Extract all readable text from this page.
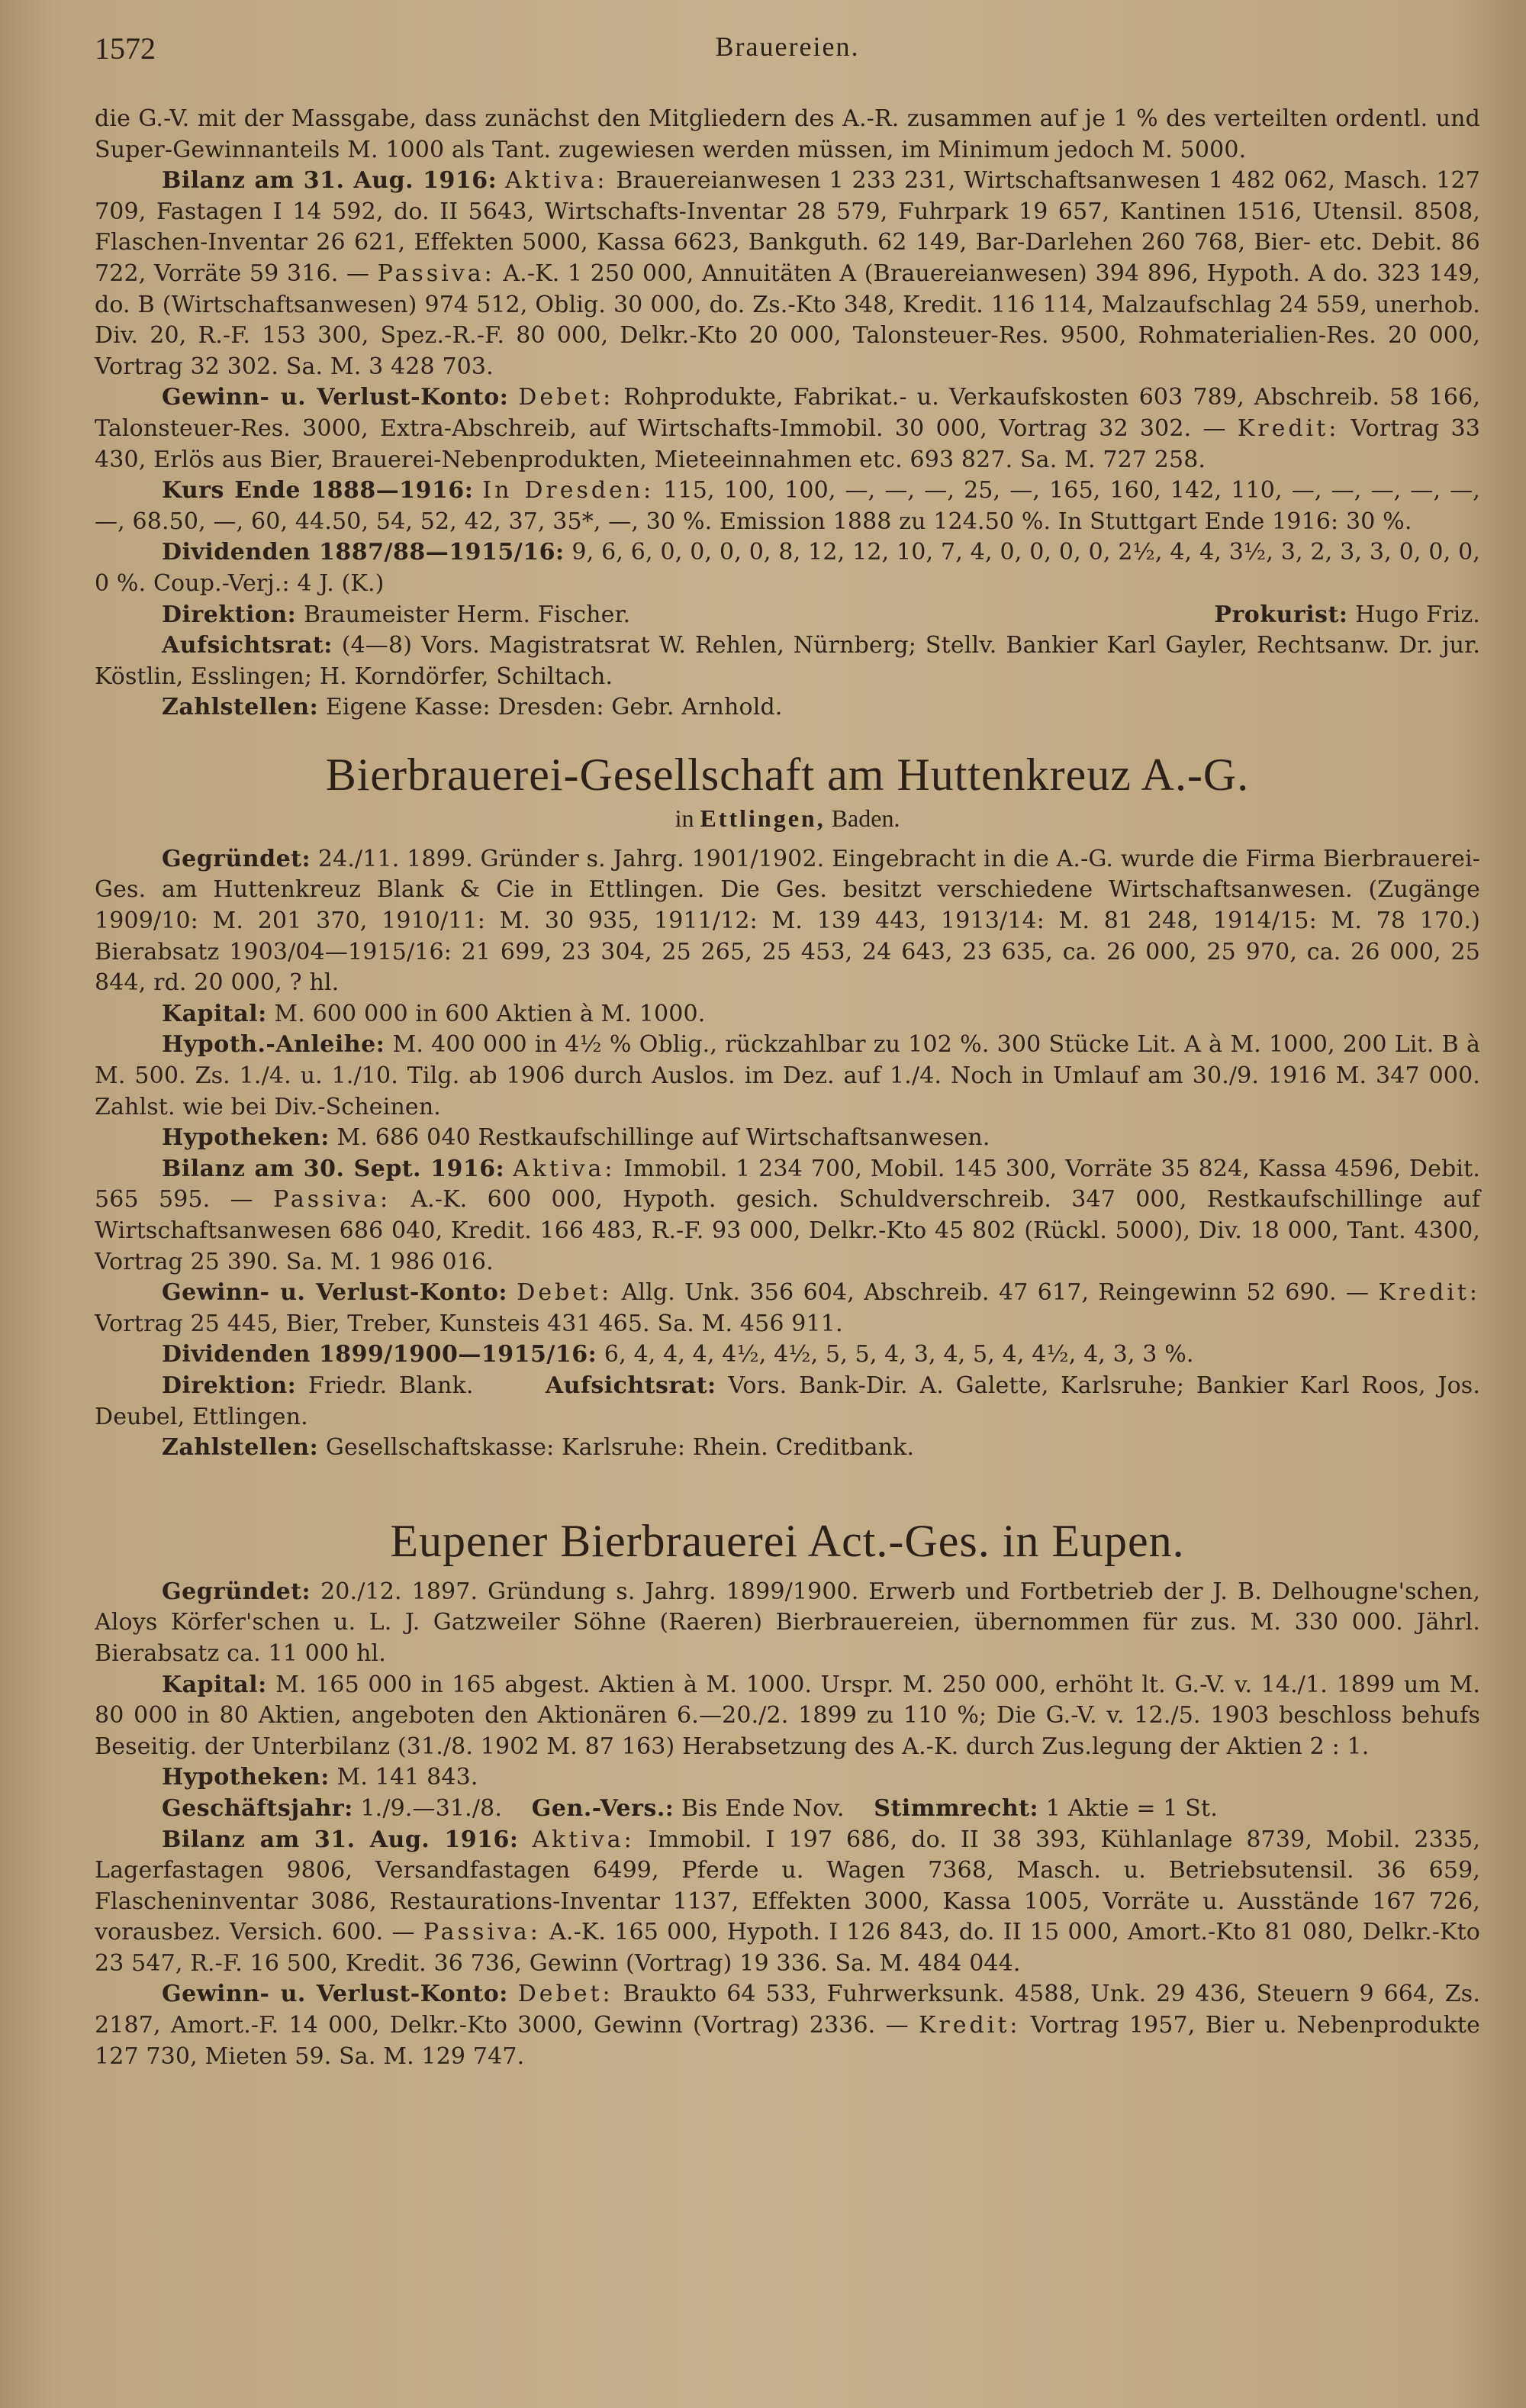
1572	Brauereien.

die G.-V. mit der Massgabe, dass zunächst den Mitgliedern des A.-R. zusammen auf je 1 % des verteilten ordentl. und Super-Gewinnanteils M. 1000 als Tant. zugewiesen werden müssen, im Minimum jedoch M. 5000.

Bilanz am 31. Aug. 1916: Aktiva: Brauereianwesen 1 233 231, Wirtschaftsanwesen 1 482 062, Masch. 127 709, Fastagen I 14 592, do. II 5643, Wirtschafts-Inventar 28 579, Fuhrpark 19 657, Kantinen 1516, Utensil. 8508, Flaschen-Inventar 26 621, Effekten 5000, Kassa 6623, Bankguth. 62 149, Bar-Darlehen 260 768, Bier- etc. Debit. 86 722, Vorräte 59 316. — Passiva: A.-K. 1 250 000, Annuitäten A (Brauereianwesen) 394 896, Hypoth. A do. 323 149, do. B (Wirtschaftsanwesen) 974 512, Oblig. 30 000, do. Zs.-Kto 348, Kredit. 116 114, Malzaufschlag 24 559, unerhob. Div. 20, R.-F. 153 300, Spez.-R.-F. 80 000, Delkr.-Kto 20 000, Talonsteuer-Res. 9500, Rohmaterialien-Res. 20 000, Vortrag 32 302. Sa. M. 3 428 703.

Gewinn- u. Verlust-Konto: Debet: Rohprodukte, Fabrikat.- u. Verkaufskosten 603 789, Abschreib. 58 166, Talonsteuer-Res. 3000, Extra-Abschreib, auf Wirtschafts-Immobil. 30 000, Vortrag 32 302. — Kredit: Vortrag 33 430, Erlös aus Bier, Brauerei-Nebenprodukten, Mieteeinnahmen etc. 693 827. Sa. M. 727 258.

Kurs Ende 1888—1916: In Dresden: 115, 100, 100, —, —, —, 25, —, 165, 160, 142, 110, —, —, —, —, —, —, 68.50, —, 60, 44.50, 54, 52, 42, 37, 35*, —, 30 %. Emission 1888 zu 124.50 %. In Stuttgart Ende 1916: 30 %.

Dividenden 1887/88—1915/16: 9, 6, 6, 0, 0, 0, 0, 8, 12, 12, 10, 7, 4, 0, 0, 0, 0, 2½, 4, 4, 3½, 3, 2, 3, 3, 0, 0, 0, 0 %. Coup.-Verj.: 4 J. (K.)

Direktion: Braumeister Herm. Fischer.	Prokurist: Hugo Friz.

Aufsichtsrat: (4—8) Vors. Magistratsrat W. Rehlen, Nürnberg; Stellv. Bankier Karl Gayler, Rechtsanw. Dr. jur. Köstlin, Esslingen; H. Korndörfer, Schiltach.

Zahlstellen: Eigene Kasse: Dresden: Gebr. Arnhold.

Bierbrauerei-Gesellschaft am Huttenkreuz A.-G.

in Ettlingen, Baden.

Gegründet: 24./11. 1899. Gründer s. Jahrg. 1901/1902. Eingebracht in die A.-G. wurde die Firma Bierbrauerei-Ges. am Huttenkreuz Blank & Cie in Ettlingen. Die Ges. besitzt verschiedene Wirtschaftsanwesen. (Zugänge 1909/10: M. 201 370, 1910/11: M. 30 935, 1911/12: M. 139 443, 1913/14: M. 81 248, 1914/15: M. 78 170.) Bierabsatz 1903/04—1915/16: 21 699, 23 304, 25 265, 25 453, 24 643, 23 635, ca. 26 000, 25 970, ca. 26 000, 25 844, rd. 20 000, ? hl.

Kapital: M. 600 000 in 600 Aktien à M. 1000.

Hypoth.-Anleihe: M. 400 000 in 4½ % Oblig., rückzahlbar zu 102 %. 300 Stücke Lit. A à M. 1000, 200 Lit. B à M. 500. Zs. 1./4. u. 1./10. Tilg. ab 1906 durch Auslos. im Dez. auf 1./4. Noch in Umlauf am 30./9. 1916 M. 347 000. Zahlst. wie bei Div.-Scheinen.

Hypotheken: M. 686 040 Restkaufschillinge auf Wirtschaftsanwesen.

Bilanz am 30. Sept. 1916: Aktiva: Immobil. 1 234 700, Mobil. 145 300, Vorräte 35 824, Kassa 4596, Debit. 565 595. — Passiva: A.-K. 600 000, Hypoth. gesich. Schuldverschreib. 347 000, Restkaufschillinge auf Wirtschaftsanwesen 686 040, Kredit. 166 483, R.-F. 93 000, Delkr.-Kto 45 802 (Rückl. 5000), Div. 18 000, Tant. 4300, Vortrag 25 390. Sa. M. 1 986 016.

Gewinn- u. Verlust-Konto: Debet: Allg. Unk. 356 604, Abschreib. 47 617, Reingewinn 52 690. — Kredit: Vortrag 25 445, Bier, Treber, Kunsteis 431 465. Sa. M. 456 911.

Dividenden 1899/1900—1915/16: 6, 4, 4, 4, 4½, 4½, 5, 5, 4, 3, 4, 5, 4, 4½, 4, 3, 3 %.

Direktion: Friedr. Blank.	Aufsichtsrat: Vors. Bank-Dir. A. Galette, Karlsruhe; Bankier Karl Roos, Jos. Deubel, Ettlingen.

Zahlstellen: Gesellschaftskasse: Karlsruhe: Rhein. Creditbank.

Eupener Bierbrauerei Act.-Ges. in Eupen.

Gegründet: 20./12. 1897. Gründung s. Jahrg. 1899/1900. Erwerb und Fortbetrieb der J. B. Delhougne'schen, Aloys Körfer'schen u. L. J. Gatzweiler Söhne (Raeren) Bierbrauereien, übernommen für zus. M. 330 000. Jährl. Bierabsatz ca. 11 000 hl.

Kapital: M. 165 000 in 165 abgest. Aktien à M. 1000. Urspr. M. 250 000, erhöht lt. G.-V. v. 14./1. 1899 um M. 80 000 in 80 Aktien, angeboten den Aktionären 6.—20./2. 1899 zu 110 %; Die G.-V. v. 12./5. 1903 beschloss behufs Beseitig. der Unterbilanz (31./8. 1902 M. 87 163) Herabsetzung des A.-K. durch Zus.legung der Aktien 2 : 1.

Hypotheken: M. 141 843.

Geschäftsjahr: 1./9.—31./8. Gen.-Vers.: Bis Ende Nov. Stimmrecht: 1 Aktie = 1 St.

Bilanz am 31. Aug. 1916: Aktiva: Immobil. I 197 686, do. II 38 393, Kühlanlage 8739, Mobil. 2335, Lagerfastagen 9806, Versandfastagen 6499, Pferde u. Wagen 7368, Masch. u. Betriebsutensil. 36 659, Flascheninventar 3086, Restaurations-Inventar 1137, Effekten 3000, Kassa 1005, Vorräte u. Ausstände 167 726, vorausbez. Versich. 600. — Passiva: A.-K. 165 000, Hypoth. I 126 843, do. II 15 000, Amort.-Kto 81 080, Delkr.-Kto 23 547, R.-F. 16 500, Kredit. 36 736, Gewinn (Vortrag) 19 336. Sa. M. 484 044.

Gewinn- u. Verlust-Konto: Debet: Braukto 64 533, Fuhrwerksunk. 4588, Unk. 29 436, Steuern 9 664, Zs. 2187, Amort.-F. 14 000, Delkr.-Kto 3000, Gewinn (Vortrag) 2336. — Kredit: Vortrag 1957, Bier u. Nebenprodukte 127 730, Mieten 59. Sa. M. 129 747.
